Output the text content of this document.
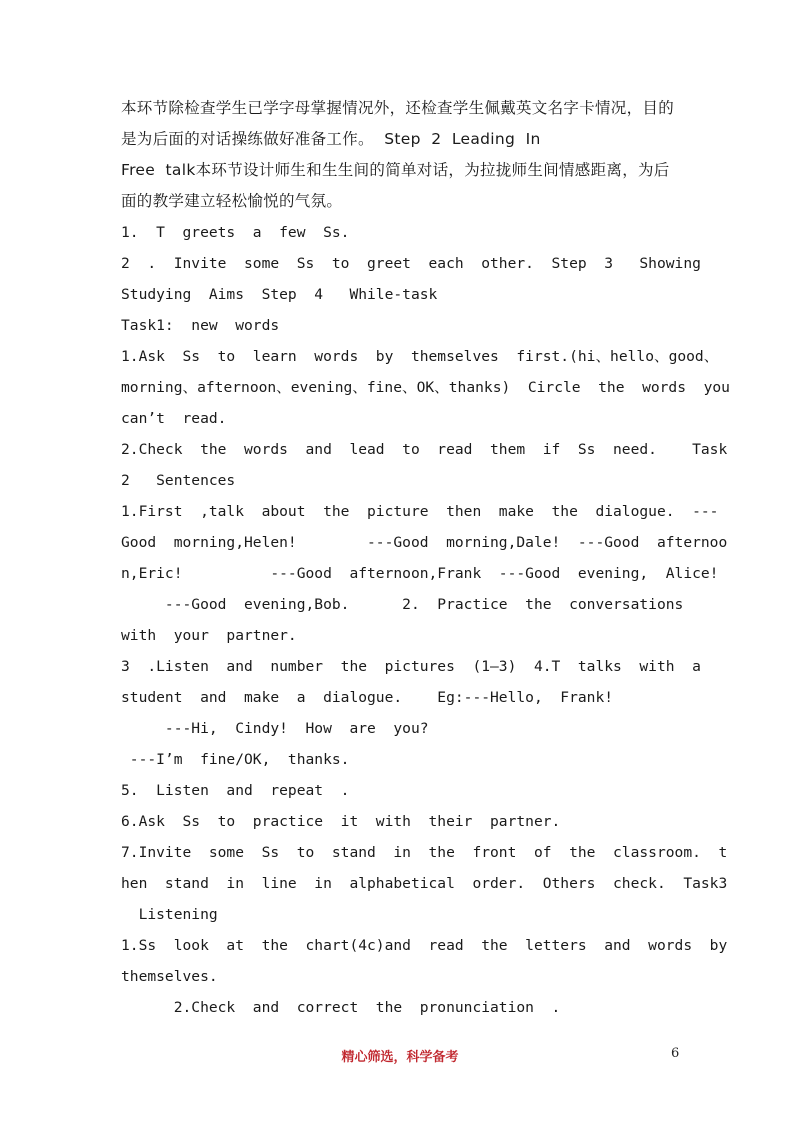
本环节除检查学生已学字母掌握情况外，还检查学生佩戴英文名字卡情况，目的
是为后面的对话操练做好准备工作。  Step  2  Leading  In
Free  talk本环节设计师生和生生间的简单对话，为拉拢师生间情感距离，为后
面的教学建立轻松愉悦的气氛。
1.  T  greets  a  few  Ss.
2  .  Invite  some  Ss  to  greet  each  other.  Step  3   Showing
Studying  Aims  Step  4   While-task
Task1:  new  words
1.Ask  Ss  to  learn  words  by  themselves  first.(hi、hello、good、
morning、afternoon、evening、fine、OK、thanks)  Circle  the  words  you
can’t  read.
2.Check  the  words  and  lead  to  read  them  if  Ss  need.    Task
2   Sentences
1.First  ,talk  about  the  picture  then  make  the  dialogue.  ---
Good  morning,Helen!        ---Good  morning,Dale!  ---Good  afternoo
n,Eric!          ---Good  afternoon,Frank  ---Good  evening,  Alice!
---Good  evening,Bob.      2.  Practice  the  conversations
with  your  partner.
3  .Listen  and  number  the  pictures  (1—3)  4.T  talks  with  a
student  and  make  a  dialogue.    Eg:---Hello,  Frank!
---Hi,  Cindy!  How  are  you?
---I’m  fine/OK,  thanks.
5.  Listen  and  repeat  .
6.Ask  Ss  to  practice  it  with  their  partner.
7.Invite  some  Ss  to  stand  in  the  front  of  the  classroom.  t
hen  stand  in  line  in  alphabetical  order.  Others  check.  Task3
Listening
1.Ss  look  at  the  chart(4c)and  read  the  letters  and  words  by
themselves.
2.Check  and  correct  the  pronunciation  .
精心筛选，科学备考	6
